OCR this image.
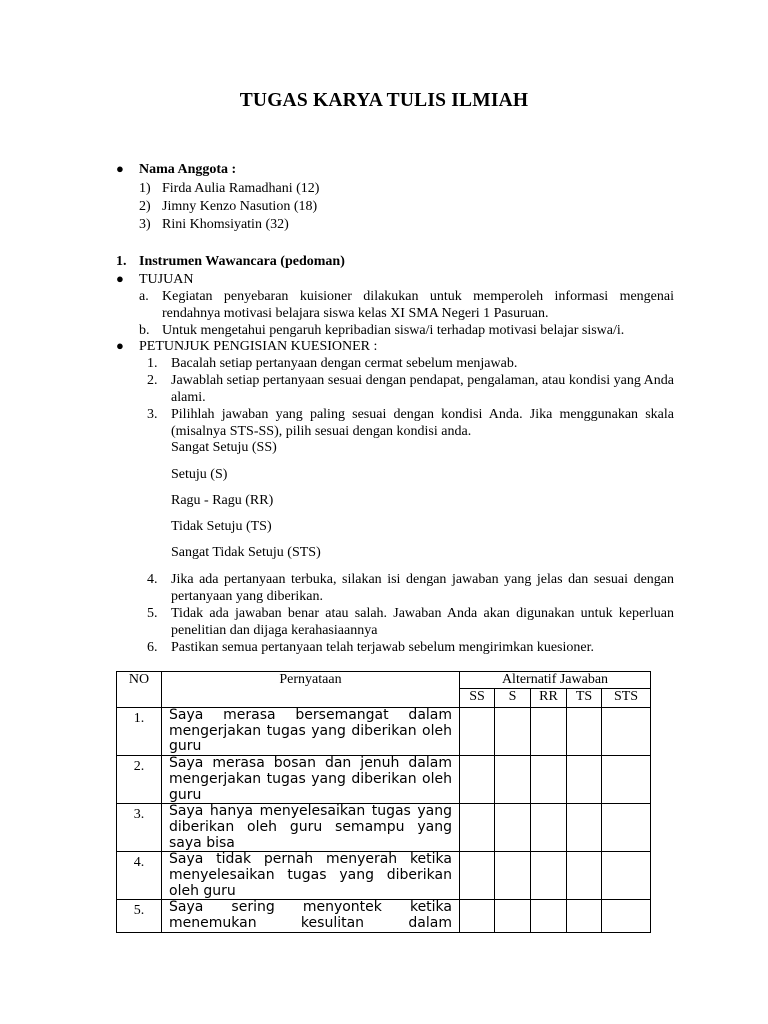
TUGAS KARYA TULIS ILMIAH
● Nama Anggota :
1) Firda Aulia Ramadhani (12)
2) Jimny Kenzo Nasution (18)
3) Rini Khomsiyatin (32)
1. Instrumen Wawancara (pedoman)
● TUJUAN
a. Kegiatan penyebaran kuisioner dilakukan untuk memperoleh informasi mengenai rendahnya motivasi belajara siswa kelas XI SMA Negeri 1 Pasuruan.
b. Untuk mengetahui pengaruh kepribadian siswa/i terhadap motivasi belajar siswa/i.
● PETUNJUK PENGISIAN KUESIONER :
1. Bacalah setiap pertanyaan dengan cermat sebelum menjawab.
2. Jawablah setiap pertanyaan sesuai dengan pendapat, pengalaman, atau kondisi yang Anda alami.
3. Pilihlah jawaban yang paling sesuai dengan kondisi Anda. Jika menggunakan skala (misalnya STS-SS), pilih sesuai dengan kondisi anda.
Sangat Setuju (SS)
Setuju (S)
Ragu - Ragu (RR)
Tidak Setuju (TS)
Sangat Tidak Setuju (STS)
4. Jika ada pertanyaan terbuka, silakan isi dengan jawaban yang jelas dan sesuai dengan pertanyaan yang diberikan.
5. Tidak ada jawaban benar atau salah. Jawaban Anda akan digunakan untuk keperluan penelitian dan dijaga kerahasiaannya
6. Pastikan semua pertanyaan telah terjawab sebelum mengirimkan kuesioner.
NO	Pernyataan	Alternatif Jawaban				
		SS	S	RR	TS	STS
1.	Saya merasa bersemangat dalam mengerjakan tugas yang diberikan oleh guru					
2.	Saya merasa bosan dan jenuh dalam mengerjakan tugas yang diberikan oleh guru					
3.	Saya hanya menyelesaikan tugas yang diberikan oleh guru semampu yang saya bisa					
4.	Saya tidak pernah menyerah ketika menyelesaikan tugas yang diberikan oleh guru					
5.	Saya sering menyontek ketika menemukan kesulitan dalam					
